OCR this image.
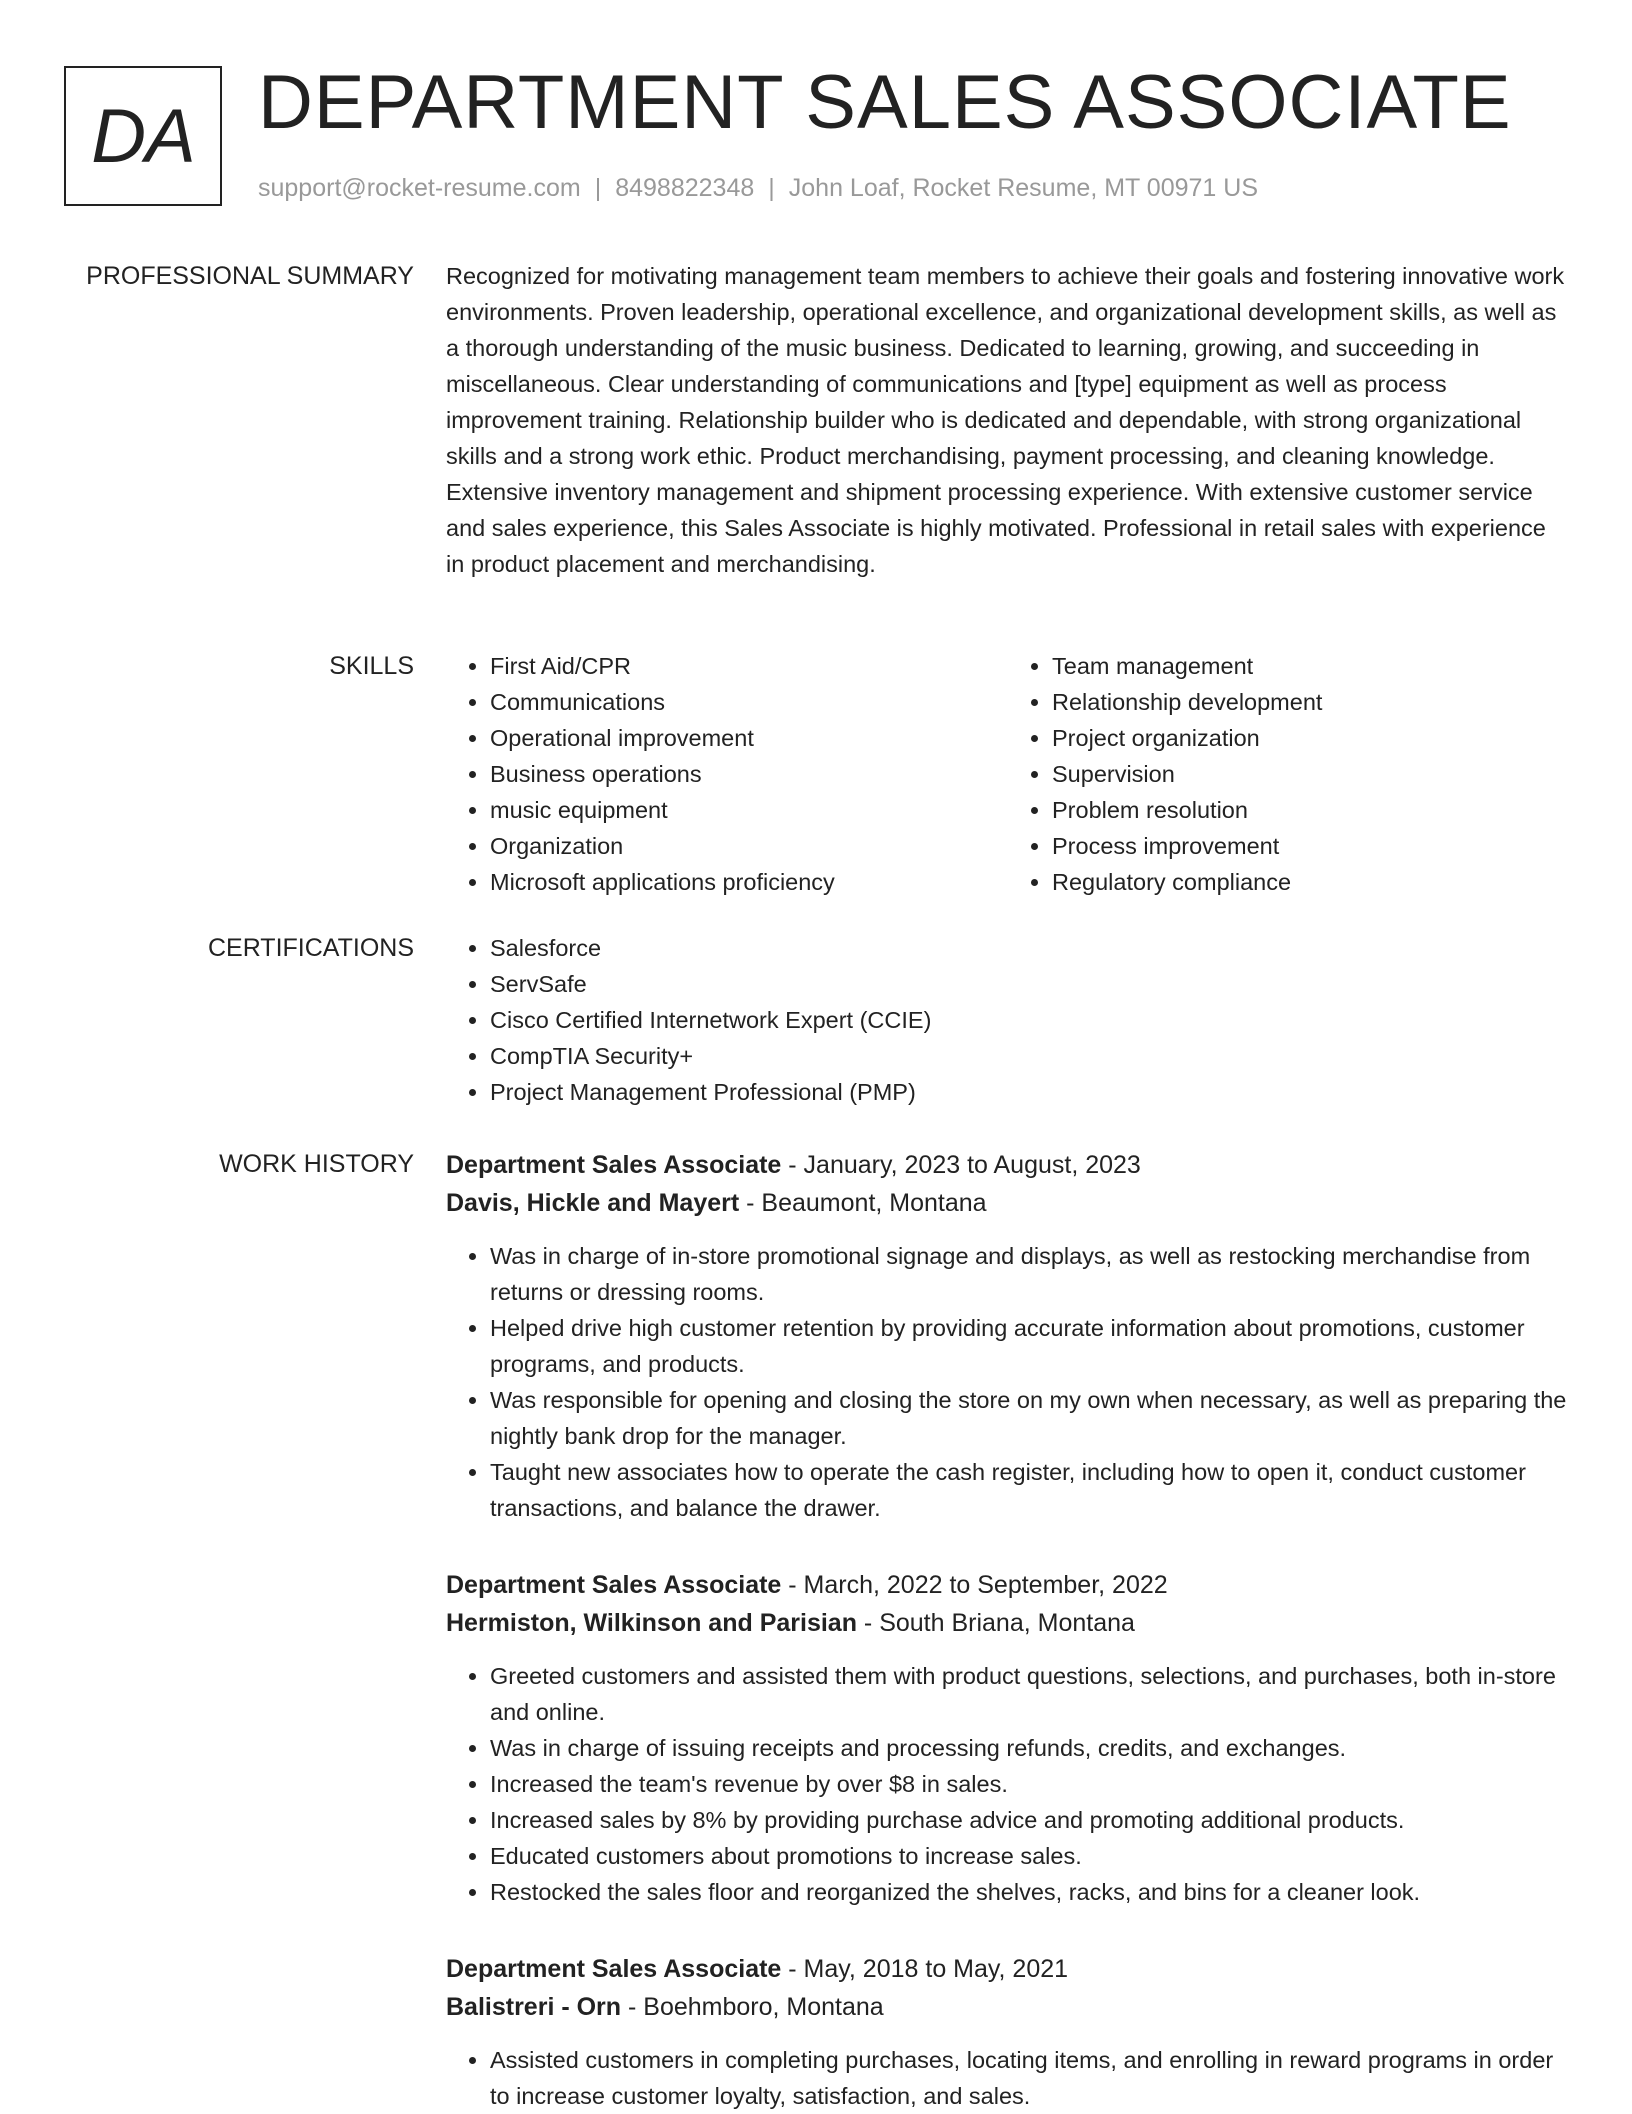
DA DEPARTMENT SALES ASSOCIATE
support@rocket-resume.com | 8498822348 | John Loaf, Rocket Resume, MT 00971 US
PROFESSIONAL SUMMARY Recognized for motivating management team members to achieve their goals and fostering innovative work environments. Proven leadership, operational excellence, and organizational development skills, as well as a thorough understanding of the music business. Dedicated to learning, growing, and succeeding in miscellaneous. Clear understanding of communications and [type] equipment as well as process improvement training. Relationship builder who is dedicated and dependable, with strong organizational skills and a strong work ethic. Product merchandising, payment processing, and cleaning knowledge. Extensive inventory management and shipment processing experience. With extensive customer service and sales experience, this Sales Associate is highly motivated. Professional in retail sales with experience in product placement and merchandising.

SKILLS	• First Aid/CPR
• Communications
• Operational improvement
• Business operations
• music equipment
• Organization
• Microsoft applications proficiency
• Team management
• Relationship development
• Project organization
• Supervision
• Problem resolution
• Process improvement
• Regulatory compliance
CERTIFICATIONS	• Salesforce
• ServSafe
• Cisco Certified Internetwork Expert (CCIE)
• CompTIA Security+
• Project Management Professional (PMP)
WORK HISTORY Department Sales Associate - January, 2023 to August, 2023
Davis, Hickle and Mayert - Beaumont, Montana
• Was in charge of in-store promotional signage and displays, as well as restocking merchandise from returns or dressing rooms.
• Helped drive high customer retention by providing accurate information about promotions, customer programs, and products.
• Was responsible for opening and closing the store on my own when necessary, as well as preparing the nightly bank drop for the manager.
• Taught new associates how to operate the cash register, including how to open it, conduct customer transactions, and balance the drawer.
Department Sales Associate - March, 2022 to September, 2022
Hermiston, Wilkinson and Parisian - South Briana, Montana
• Greeted customers and assisted them with product questions, selections, and purchases, both in-store and online.
• Was in charge of issuing receipts and processing refunds, credits, and exchanges.
• Increased the team's revenue by over $8 in sales.
• Increased sales by 8% by providing purchase advice and promoting additional products.
• Educated customers about promotions to increase sales.
• Restocked the sales floor and reorganized the shelves, racks, and bins for a cleaner look.
Department Sales Associate - May, 2018 to May, 2021
Balistreri - Orn - Boehmboro, Montana
• Assisted customers in completing purchases, locating items, and enrolling in reward programs in order to increase customer loyalty, satisfaction, and sales.
